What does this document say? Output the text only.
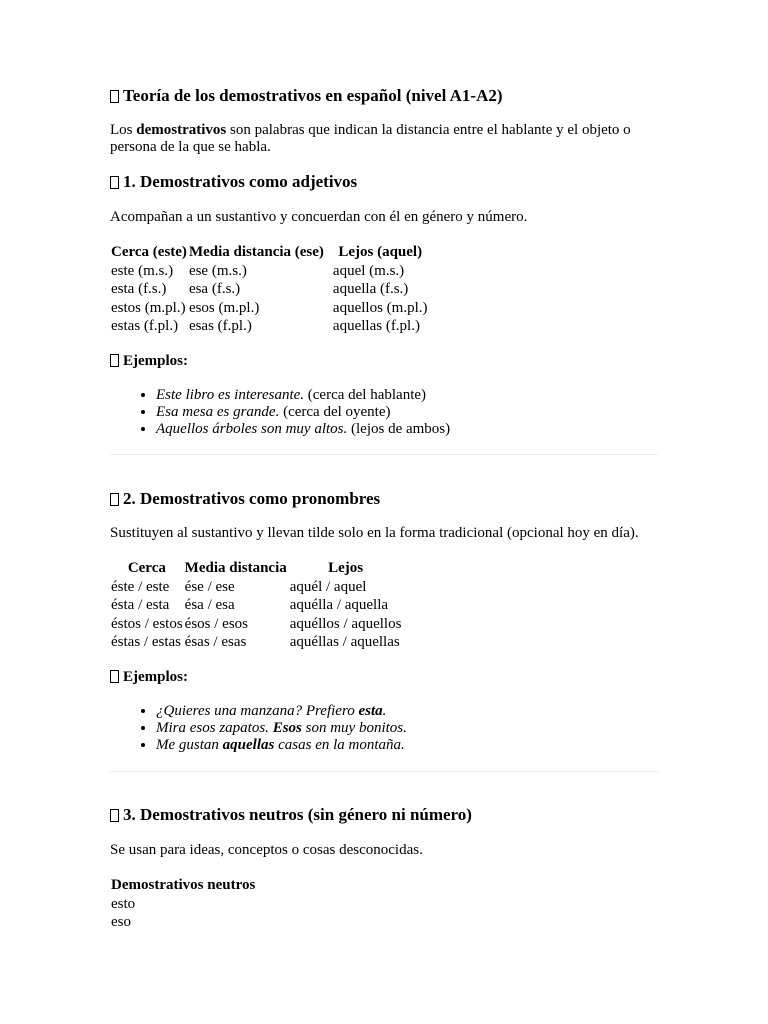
Teoría de los demostrativos en español (nivel A1-A2)

Los demostrativos son palabras que indican la distancia entre el hablante y el objeto o persona de la que se habla.

1. Demostrativos como adjetivos

Acompañan a un sustantivo y concuerdan con él en género y número.

Cerca (este)	Media distancia (ese)	Lejos (aquel)
este (m.s.)	ese (m.s.)	aquel (m.s.)
esta (f.s.)	esa (f.s.)	aquella (f.s.)
estos (m.pl.)	esos (m.pl.)	aquellos (m.pl.)
estas (f.pl.)	esas (f.pl.)	aquellas (f.pl.)
Ejemplos:
• Este libro es interesante. (cerca del hablante)
• Esa mesa es grande. (cerca del oyente)
• Aquellos árboles son muy altos. (lejos de ambos)
2. Demostrativos como pronombres

Sustituyen al sustantivo y llevan tilde solo en la forma tradicional (opcional hoy en día).

Cerca	Media distancia	Lejos
éste / este	ése / ese	aquél / aquel
ésta / esta	ésa / esa	aquélla / aquella
éstos / estos	ésos / esos	aquéllos / aquellos
éstas / estas	ésas / esas	aquéllas / aquellas
Ejemplos:
• ¿Quieres una manzana? Prefiero esta.
• Mira esos zapatos. Esos son muy bonitos.
• Me gustan aquellas casas en la montaña.
3. Demostrativos neutros (sin género ni número)

Se usan para ideas, conceptos o cosas desconocidas.

Demostrativos neutros
esto
eso
